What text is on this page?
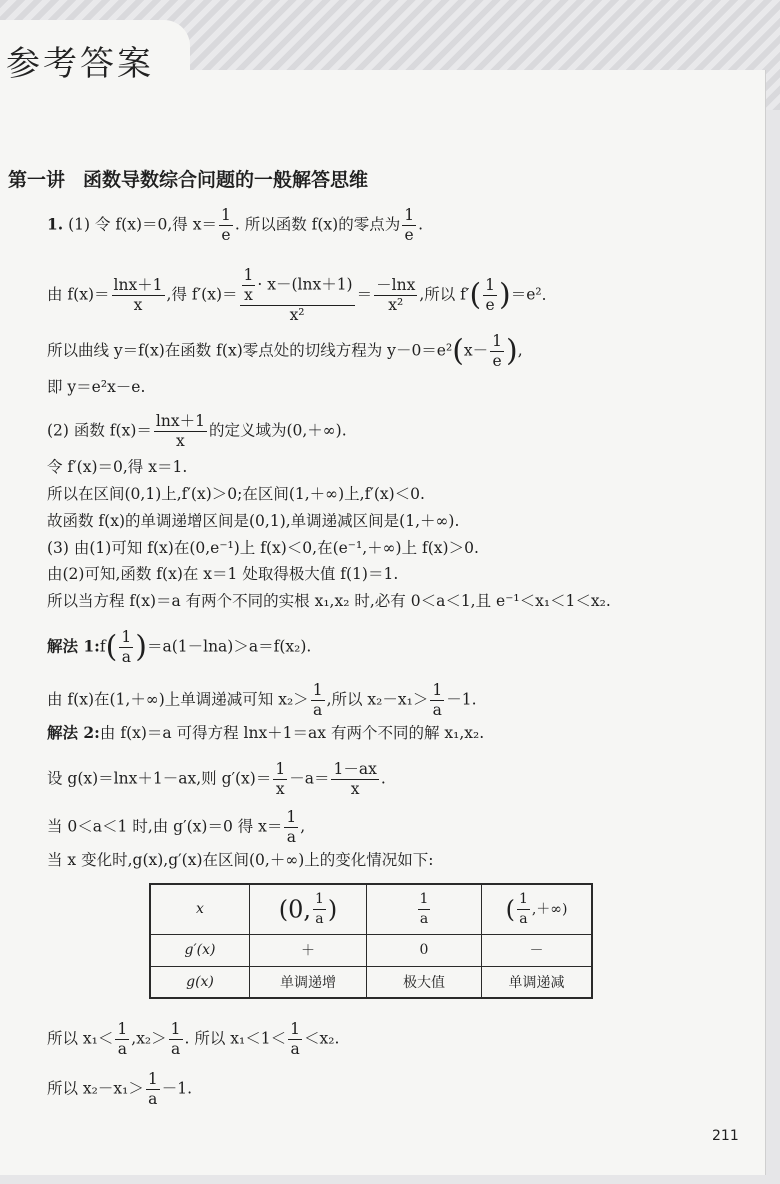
参考答案
第一讲 函数导数综合问题的一般解答思维
1. (1) 令 f(x)＝0,得 $x= \frac{1}{e}$ . 所以函数 f(x)的零点为 $\frac{1}{e}$ .
由 $f(x)= \frac{\ln x+1}{x}$ ,得 $f'(x)= \frac{\frac{1}{x} \cdot x-(\ln x+1)}{\text{x²}} = \frac{-\ln x}{\text{x²}}$ ,所以 $f'( \frac{1}{e} )=e^2$．
所以曲线 y＝f(x)在函数 f(x)零点处的切线方程为 $y-0=e^2(x- \frac{1}{e}$ ),
即 y＝e²x－e.
(2) 函数 $f(x)= \frac{\ln x+1}{x}$ 的定义域为(0,＋∞).
令 f′(x)＝0,得 x＝1.
所以在区间(0,1)上,f′(x)＞0;在区间(1,＋∞)上,f′(x)＜0.
故函数 f(x)的单调递增区间是(0,1),单调递减区间是(1,＋∞).
(3) 由(1)可知 f(x)在(0,e⁻¹)上 f(x)＜0,在(e⁻¹,＋∞)上 f(x)＞0.
由(2)可知,函数 f(x)在 x＝1 处取得极大值 f(1)＝1.
所以当方程 f(x)＝a 有两个不同的实根 x₁,x₂ 时,必有 0＜a＜1,且 e⁻¹＜x₁＜1＜x₂.
解法 1:f( $\frac{1}{a} )=a(1-\ln a)>a=f(x_2)$.
由 f(x)在(1,＋∞)上单调递减可知 $x_2> \frac{1}{a}$ ,所以 $x_2-x_1> \frac{1}{a} -1$.
解法 2:由 f(x)＝a 可得方程 lnx＋1＝ax 有两个不同的解 x₁,x₂.
设 g(x)＝lnx＋1－ax,则 $g'(x)= \frac{1}{x} -a= \frac{1-ax}{x}$ .
当 0＜a＜1 时,由 g′(x)＝0 得 $x= \frac{1}{a}$ ,
当 x 变化时,g(x),g′(x)在区间(0,＋∞)上的变化情况如下:
x	(0, $\frac{1}{a}$ )	$\frac{1}{a}$	( $\frac{1}{a}$ ,＋∞)
g′(x)	＋	0	－
g(x)	单调递增	极大值	单调递减
所以 $x_1< \frac{1}{a} ,x_2> \frac{1}{a}$ . 所以 $x_1<1< \frac{1}{a} <x_2$.
所以 $x_2-x_1> \frac{1}{a} -1$.
211
